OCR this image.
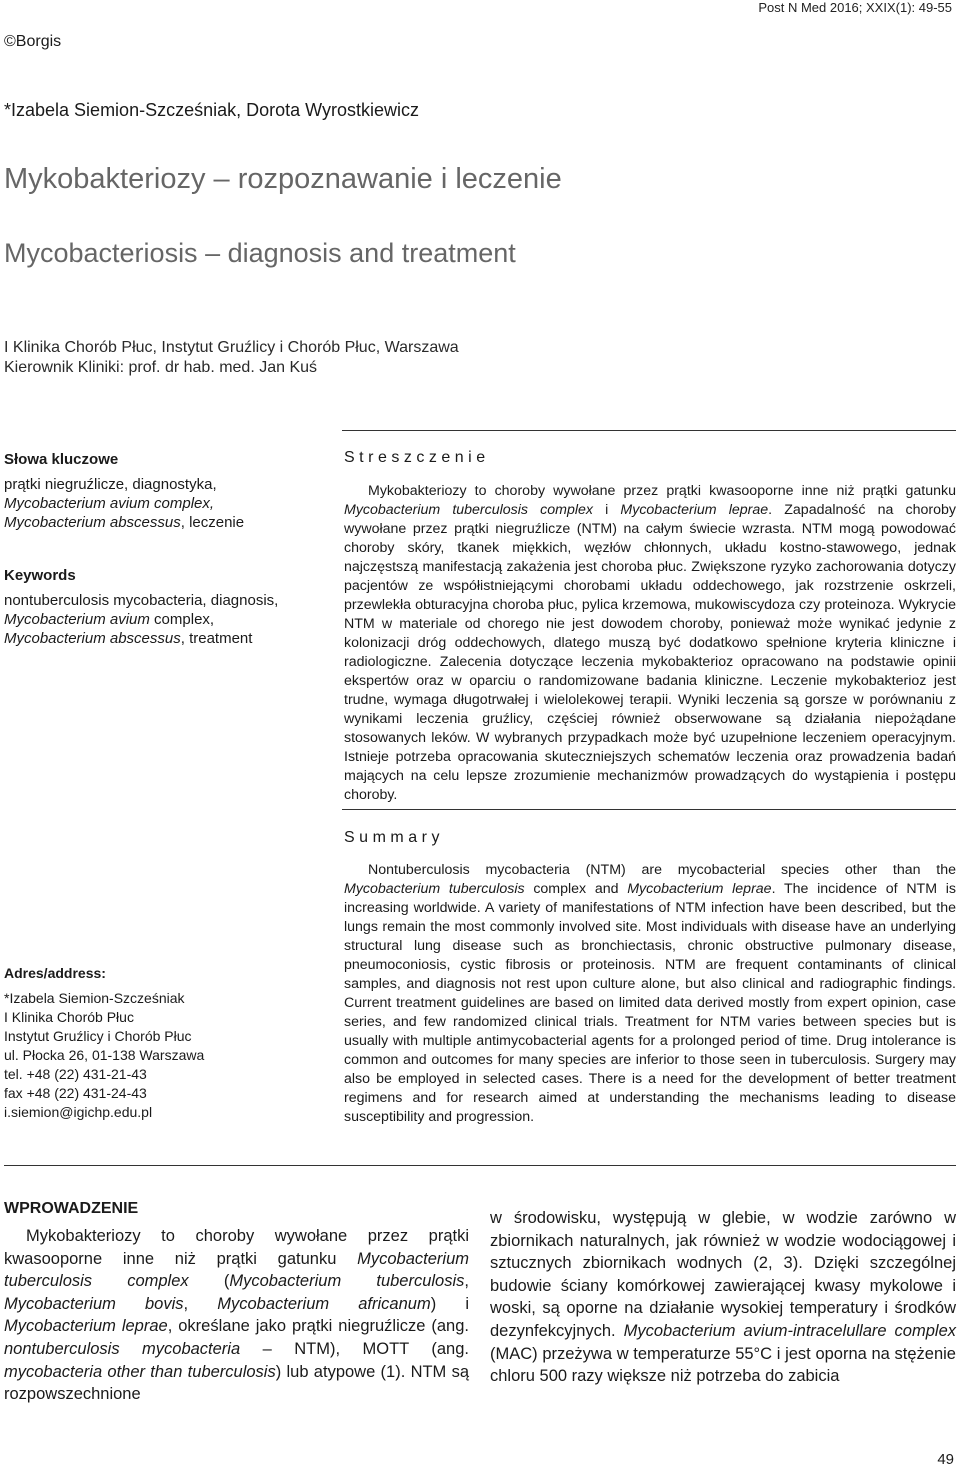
Post N Med 2016; XXIX(1): 49-55
©Borgis
*Izabela Siemion-Szcześniak, Dorota Wyrostkiewicz
Mykobakteriozy – rozpoznawanie i leczenie
Mycobacteriosis – diagnosis and treatment
I Klinika Chorób Płuc, Instytut Gruźlicy i Chorób Płuc, Warszawa
Kierownik Kliniki: prof. dr hab. med. Jan Kuś
Słowa kluczowe
prątki niegruźlicze, diagnostyka,
Mycobacterium avium complex,
Mycobacterium abscessus, leczenie
Keywords
nontuberculosis mycobacteria, diagnosis,
Mycobacterium avium complex,
Mycobacterium abscessus, treatment
Streszczenie

Mykobakteriozy to choroby wywołane przez prątki kwasooporne inne niż prątki gatunku Mycobacterium tuberculosis complex i Mycobacterium leprae. Zapadalność na choroby wywołane przez prątki niegruźlicze (NTM) na całym świecie wzrasta. NTM mogą powodować choroby skóry, tkanek miękkich, węzłów chłonnych, układu kostno-stawowego, jednak najczęstszą manifestacją zakażenia jest choroba płuc. Zwiększone ryzyko zachorowania dotyczy pacjentów ze współistniejącymi chorobami układu oddechowego, jak rozstrzenie oskrzeli, przewlekła obturacyjna choroba płuc, pylica krzemowa, mukowiscydoza czy proteinoza. Wykrycie NTM w materiale od chorego nie jest dowodem choroby, ponieważ może wynikać jedynie z kolonizacji dróg oddechowych, dlatego muszą być dodatkowo spełnione kryteria kliniczne i radiologiczne. Zalecenia dotyczące leczenia mykobakterioz opracowano na podstawie opinii ekspertów oraz w oparciu o randomizowane badania kliniczne. Leczenie mykobakterioz jest trudne, wymaga długotrwałej i wielolekowej terapii. Wyniki leczenia są gorsze w porównaniu z wynikami leczenia gruźlicy, częściej również obserwowane są działania niepożądane stosowanych leków. W wybranych przypadkach może być uzupełnione leczeniem operacyjnym. Istnieje potrzeba opracowania skuteczniejszych schematów leczenia oraz prowadzenia badań mających na celu lepsze zrozumienie mechanizmów prowadzących do wystąpienia i postępu choroby.

Summary

Nontuberculosis mycobacteria (NTM) are mycobacterial species other than the Mycobacterium tuberculosis complex and Mycobacterium leprae. The incidence of NTM is increasing worldwide. A variety of manifestations of NTM infection have been described, but the lungs remain the most commonly involved site. Most individuals with disease have an underlying structural lung disease such as bronchiectasis, chronic obstructive pulmonary disease, pneumoconiosis, cystic fibrosis or proteinosis. NTM are frequent contaminants of clinical samples, and diagnosis not rest upon culture alone, but also clinical and radiographic findings. Current treatment guidelines are based on limited data derived mostly from expert opinion, case series, and few randomized clinical trials. Treatment for NTM varies between species but is usually with multiple antimycobacterial agents for a prolonged period of time. Drug intolerance is common and outcomes for many species are inferior to those seen in tuberculosis. Surgery may also be employed in selected cases. There is a need for the development of better treatment regimens and for research aimed at understanding the mechanisms leading to disease susceptibility and progression.

Adres/address:
*Izabela Siemion-Szcześniak
I Klinika Chorób Płuc
Instytut Gruźlicy i Chorób Płuc
ul. Płocka 26, 01-138 Warszawa
tel. +48 (22) 431-21-43
fax +48 (22) 431-24-43
i.siemion@igichp.edu.pl
WPROWADZENIE

Mykobakteriozy to choroby wywołane przez prątki kwasooporne inne niż prątki gatunku Mycobacterium tuberculosis complex (Mycobacterium tuberculosis, Mycobacterium bovis, Mycobacterium africanum) i Mycobacterium leprae, określane jako prątki niegruźlicze (ang. nontuberculosis mycobacteria – NTM), MOTT (ang. mycobacteria other than tuberculosis) lub atypowe (1). NTM są rozpowszechnione

w środowisku, występują w glebie, w wodzie zarówno w zbiornikach naturalnych, jak również w wodzie wodociągowej i sztucznych zbiornikach wodnych (2, 3). Dzięki szczególnej budowie ściany komórkowej zawierającej kwasy mykolowe i woski, są oporne na działanie wysokiej temperatury i środków dezynfekcyjnych. Mycobacterium avium-intracelullare complex (MAC) przeżywa w temperaturze 55°C i jest oporna na stężenie chloru 500 razy większe niż potrzeba do zabicia

49
